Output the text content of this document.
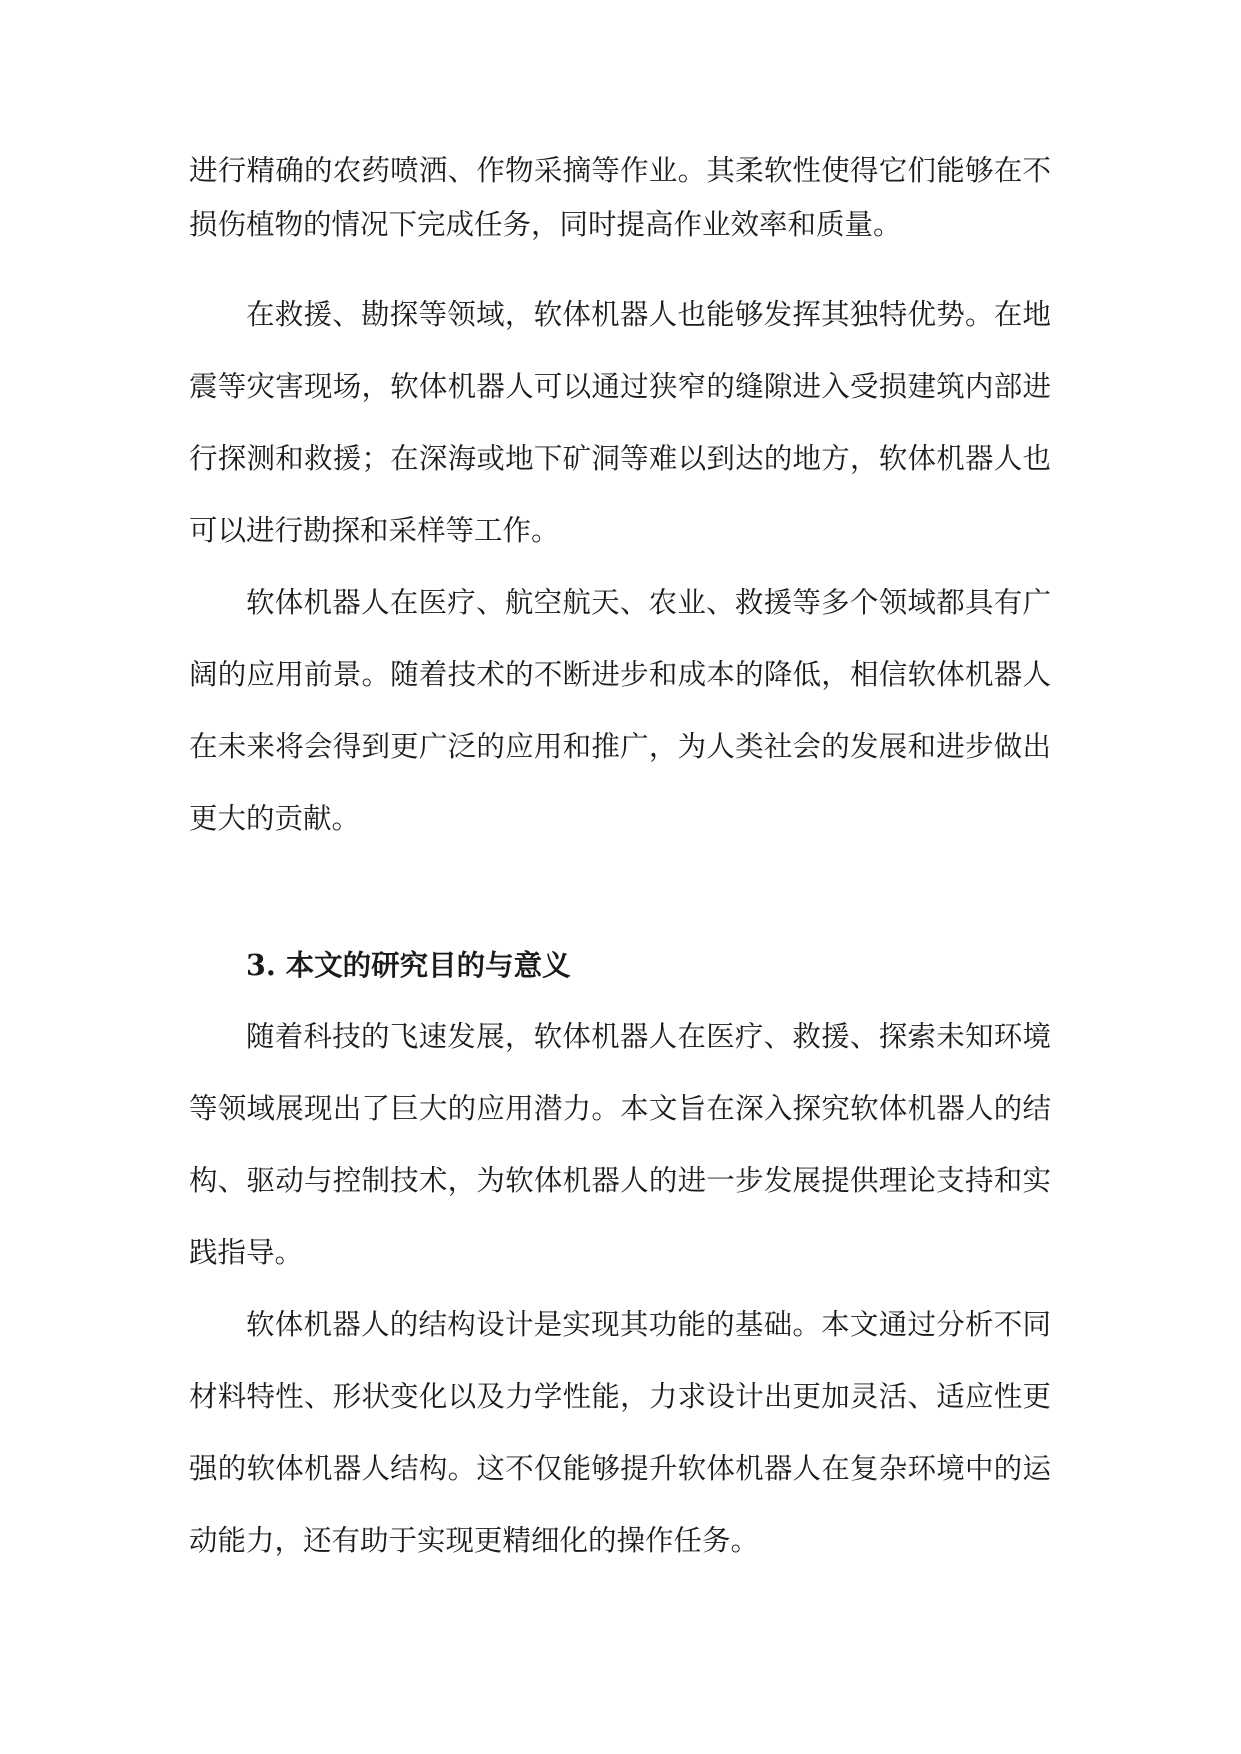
进行精确的农药喷洒、作物采摘等作业。其柔软性使得它们能够在不
损伤植物的情况下完成任务，同时提高作业效率和质量。
在救援、勘探等领域，软体机器人也能够发挥其独特优势。在地
震等灾害现场，软体机器人可以通过狭窄的缝隙进入受损建筑内部进
行探测和救援；在深海或地下矿洞等难以到达的地方，软体机器人也
可以进行勘探和采样等工作。
软体机器人在医疗、航空航天、农业、救援等多个领域都具有广
阔的应用前景。随着技术的不断进步和成本的降低，相信软体机器人
在未来将会得到更广泛的应用和推广，为人类社会的发展和进步做出
更大的贡献。
3. 本文的研究目的与意义
随着科技的飞速发展，软体机器人在医疗、救援、探索未知环境
等领域展现出了巨大的应用潜力。本文旨在深入探究软体机器人的结
构、驱动与控制技术，为软体机器人的进一步发展提供理论支持和实
践指导。
软体机器人的结构设计是实现其功能的基础。本文通过分析不同
材料特性、形状变化以及力学性能，力求设计出更加灵活、适应性更
强的软体机器人结构。这不仅能够提升软体机器人在复杂环境中的运
动能力，还有助于实现更精细化的操作任务。
